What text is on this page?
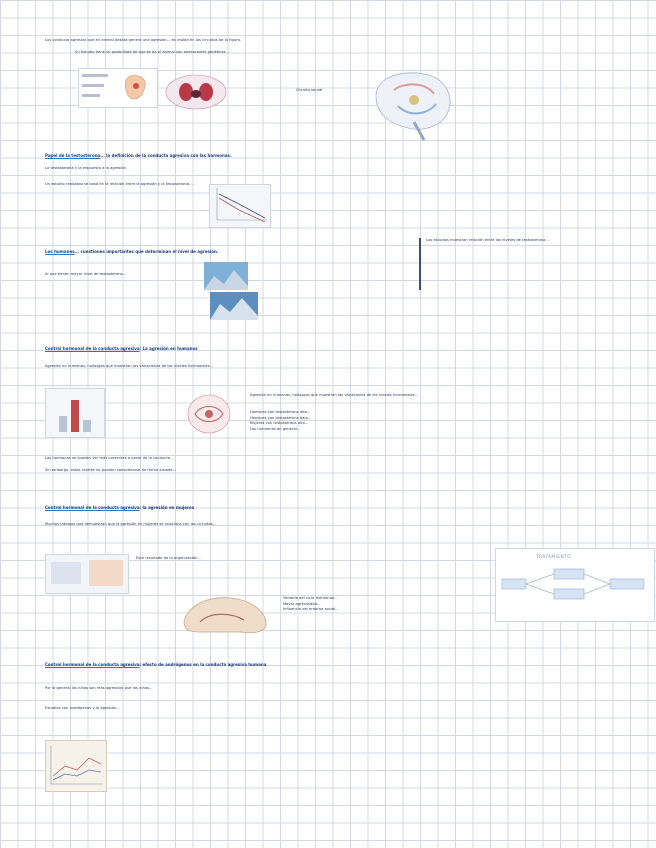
Los conducta agresiva que en animal desata genera una agresión... es visible en los circuitos de la figura.
Su estudio tiene su posibilidad de que se da el animal con alteraciones genéticas...
Circuito neural
Papel de la testosterona... la definición de la conducta agresiva con las hormonas.
La testosterona y la respuesta a la agresión
Un estudio realizado se basó en la relación entre la agresión y la testosterona...
Los humanos... cuestiones importantes que determinan el nivel de agresión.
Al que tienen mayor nivel de testosterona...
Los estudios muestran relación entre los niveles de testosterona...
Control hormonal de la conducta agresiva: La agresión en humanos
Agresión en humanos, hallazgos que muestran las variaciones de los niveles hormonales...
Agresión en humanos, hallazgos que muestran las variaciones de los niveles hormonales...
Hombres con testosterona alta...
Hombres con testosterona baja...
Mujeres con testosterona alta...
Las hormonas en general...
Las hormonas se pueden ver más presentes a pesar de la conducta...
Sin embargo, estos niveles no pueden considerarse de forma aislada...
Control hormonal de la conducta agresiva: la agresión en mujeres
Muchos trabajos que demuestran que la agresión en mujeres se relaciona con los circuitos...
Este resultado de la organización...
Variable del ciclo menstrual...
Mayor agresividad...
Influencia del entorno social...
TRATAMIENTO
Control hormonal de la conducta agresiva: efecto de andrógenos en la conducta agresiva humana
Por lo general los niños son más agresivos que las niñas...
Estudios con andrógenos y la agresión...
